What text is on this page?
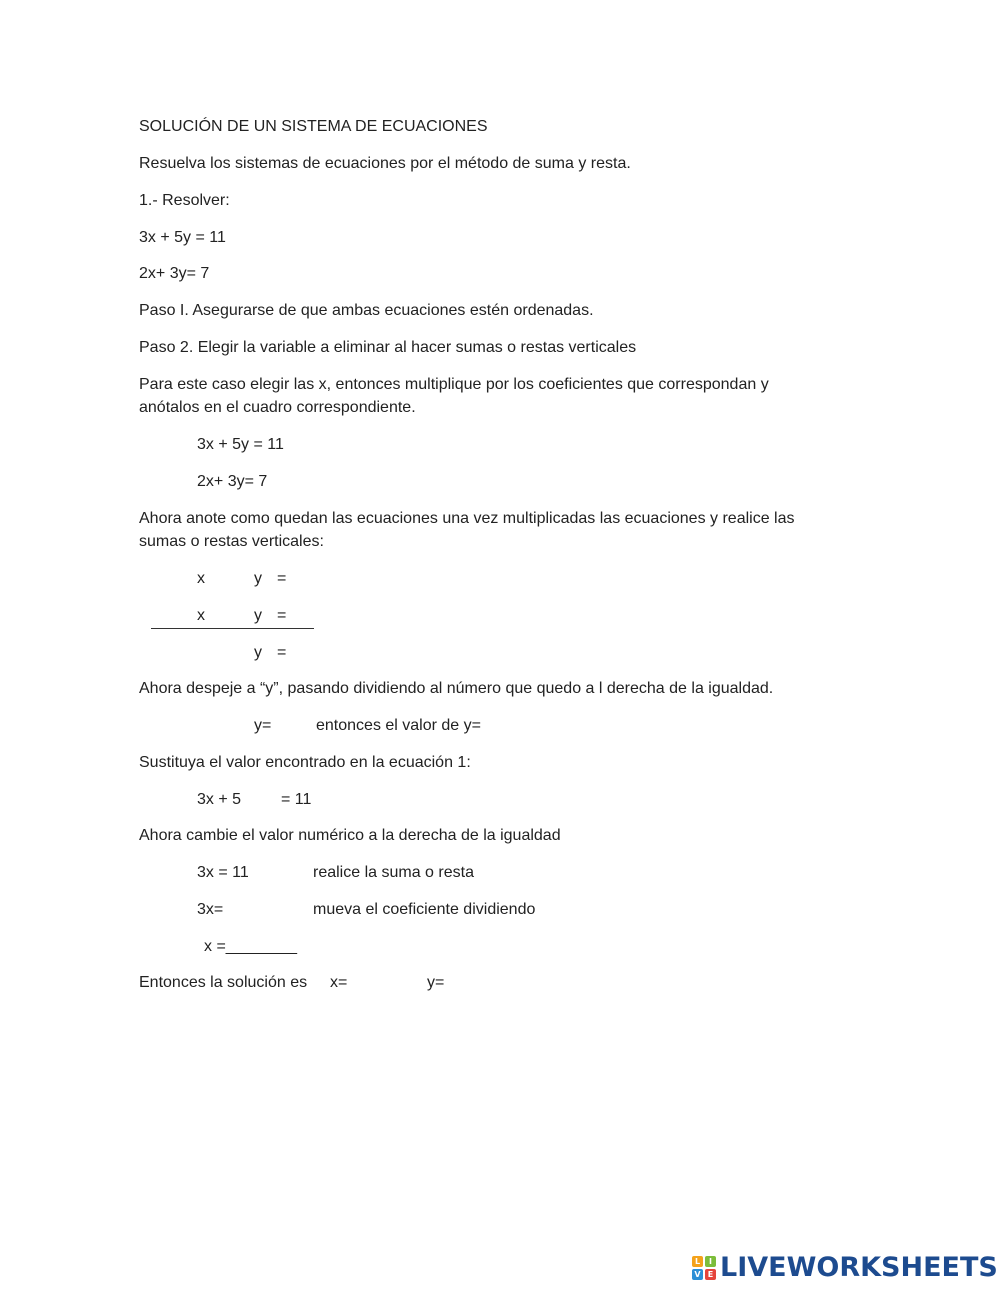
SOLUCIÓN DE UN SISTEMA DE ECUACIONES
Resuelva los sistemas de ecuaciones por el método de suma y resta.
1.- Resolver:
3x + 5y = 11
2x+ 3y= 7
Paso I. Asegurarse de que ambas ecuaciones estén ordenadas.
Paso 2. Elegir la variable a eliminar al hacer sumas o restas verticales
Para este caso elegir las x, entonces multiplique por los coeficientes que correspondan y
anótalos en el cuadro correspondiente.
3x + 5y = 11
2x+ 3y= 7
Ahora anote como quedan las ecuaciones una vez multiplicadas las ecuaciones y realice las
sumas o restas verticales:
x	y =
x	y =
y =
Ahora despeje a “y”, pasando dividiendo al número que quedo a l derecha de la igualdad.
y=	entonces el valor de y=
Sustituya el valor encontrado en la ecuación 1:
3x + 5 = 11
Ahora cambie el valor numérico a la derecha de la igualdad
3x = 11	realice la suma o resta
3x=	mueva el coeficiente dividiendo
x =________
Entonces la solución es x=	y=
L	I
V E LIVEWORKSHEETS
